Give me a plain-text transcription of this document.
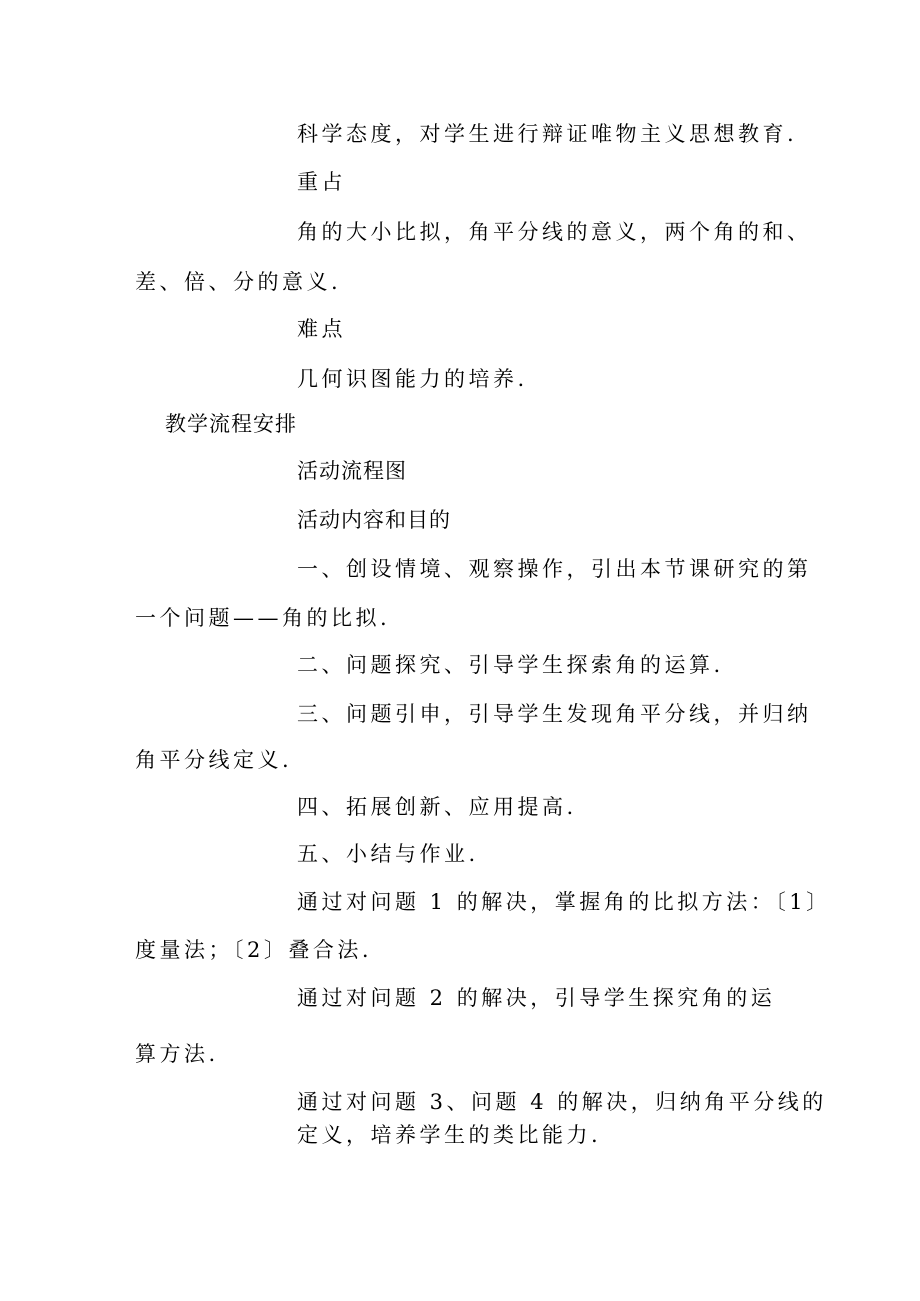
科学态度，对学生进行辩证唯物主义思想教育.
重占
角的大小比拟，角平分线的意义，两个角的和、
差、倍、分的意义.
难点
几何识图能力的培养.
教学流程安排
活动流程图
活动内容和目的
一、创设情境、观察操作，引出本节课研究的第
一个问题——角的比拟.
二、问题探究、引导学生探索角的运算.
三、问题引申，引导学生发现角平分线，并归纳
角平分线定义.
四、拓展创新、应用提高.
五、小结与作业.
通过对问题 1 的解决，掌握角的比拟方法：〔1〕
度量法；〔2〕叠合法.
通过对问题 2 的解决，引导学生探究角的运
算方法.
通过对问题 3、问题 4 的解决，归纳角平分线的
定义，培养学生的类比能力.
